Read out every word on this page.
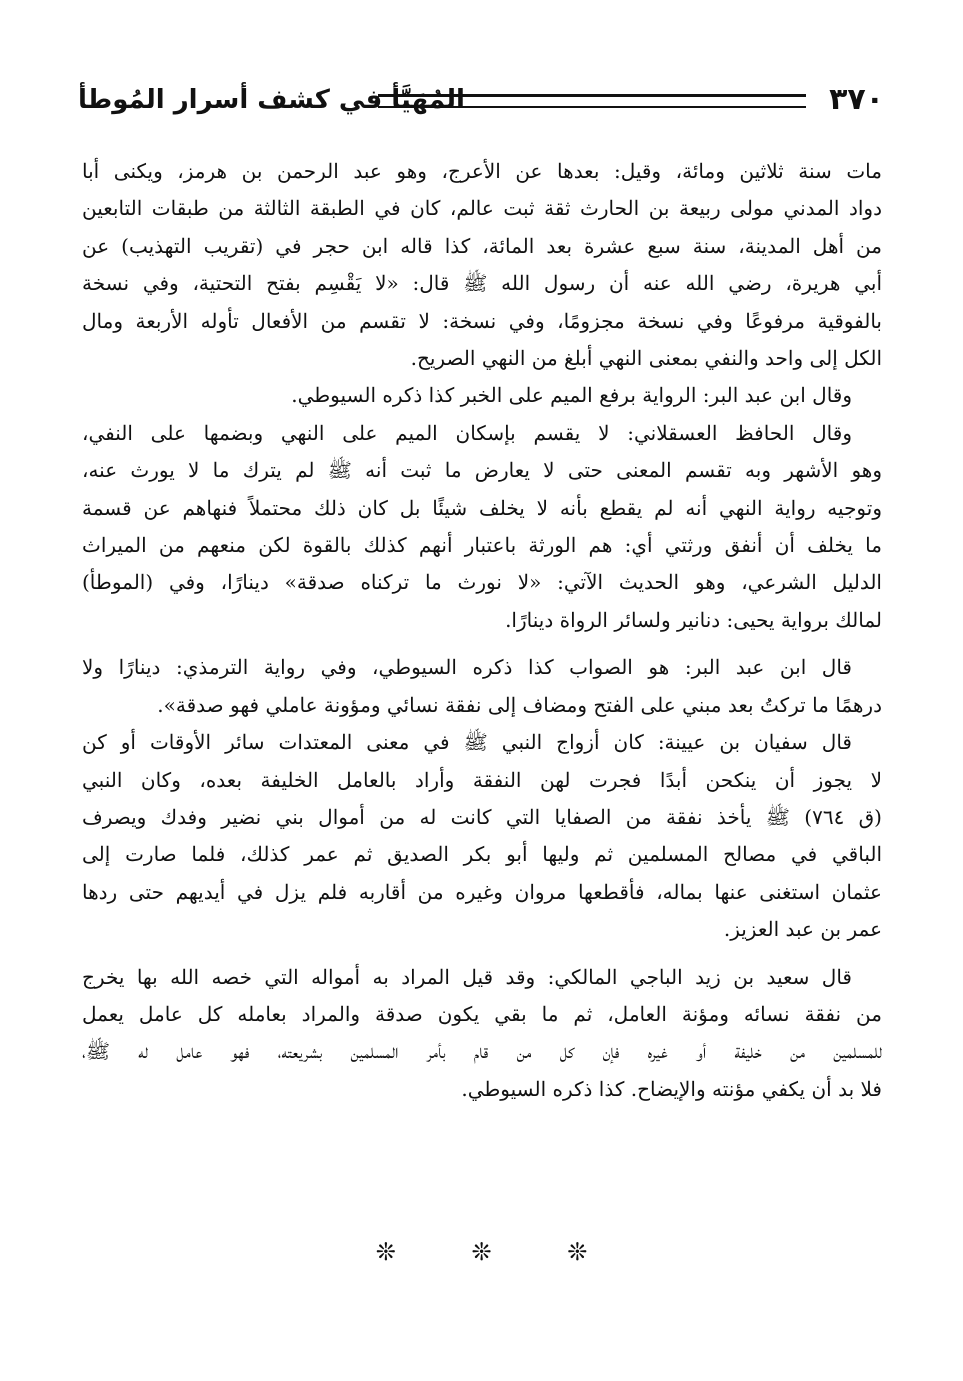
٣٧٠
المُهَيَّأ في كشف أسرار المُوطأ
مات سنة ثلاثين ومائة، وقيل: بعدها عن الأعرج، وهو عبد الرحمن بن هرمز، ويكنى أبا
دواد المدني مولى ربيعة بن الحارث ثقة ثبت عالم، كان في الطبقة الثالثة من طبقات التابعين
من أهل المدينة، سنة سبع عشرة بعد المائة، كذا قاله ابن حجر في (تقريب التهذيب) عن
أبي هريرة، رضي الله عنه أن رسول الله ﷺ قال: «لا يَقْسِم بفتح التحتية، وفي نسخة
بالفوقية مرفوعًا وفي نسخة مجزومًا، وفي نسخة: لا تقسم من الأفعال تأوله الأربعة ومال
الكل إلى واحد والنفي بمعنى النهي أبلغ من النهي الصريح.
وقال ابن عبد البر: الرواية برفع الميم على الخبر كذا ذكره السيوطي.
وقال الحافظ العسقلاني: لا يقسم بإسكان الميم على النهي وبضمها على النفي،
وهو الأشهر وبه تقسم المعنى حتى لا يعارض ما ثبت أنه ﷺ لم يترك ما لا يورث عنه،
وتوجيه رواية النهي أنه لم يقطع بأنه لا يخلف شيئًا بل كان ذلك محتملاً فنهاهم عن قسمة
ما يخلف أن أنفق ورثتي أي: هم الورثة باعتبار أنهم كذلك بالقوة لكن منعهم من الميراث
الدليل الشرعي، وهو الحديث الآتي: «لا نورث ما تركناه صدقة» دينارًا، وفي (الموطأ)
لمالك برواية يحيى: دنانير ولسائر الرواة دينارًا.
قال ابن عبد البر: هو الصواب كذا ذكره السيوطي، وفي رواية الترمذي: دينارًا ولا
درهمًا ما تركتُ بعد مبني على الفتح ومضاف إلى نفقة نسائي ومؤونة عاملي فهو صدقة».
قال سفيان بن عيينة: كان أزواج النبي ﷺ في معنى المعتدات سائر الأوقات أو كن
لا يجوز أن ينكحن أبدًا فجرت لهن النفقة وأراد بالعامل الخليفة بعده، وكان النبي
(ق ٧٦٤) ﷺ يأخذ نفقة من الصفايا التي كانت له من أموال بني نضير وفدك ويصرف
الباقي في مصالح المسلمين ثم وليها أبو بكر الصديق ثم عمر كذلك، فلما صارت إلى
عثمان استغنى عنها بماله، فأقطعها مروان وغيره من أقاربه فلم يزل في أيديهم حتى ردها
عمر بن عبد العزيز.
قال سعيد بن زيد الباجي المالكي: وقد قيل المراد به أمواله التي خصه الله بها يخرج
من نفقة نسائه ومؤنة العامل، ثم ما بقي يكون صدقة والمراد بعامله كل عامل يعمل
للمسلمين من خليفة أو غيره فإن كل من قام بأمر المسلمين بشريعته، فهو عامل له ﷺ،
فلا بد أن يكفي مؤنته والإيضاح. كذا ذكره السيوطي.
❊	❊	❊
